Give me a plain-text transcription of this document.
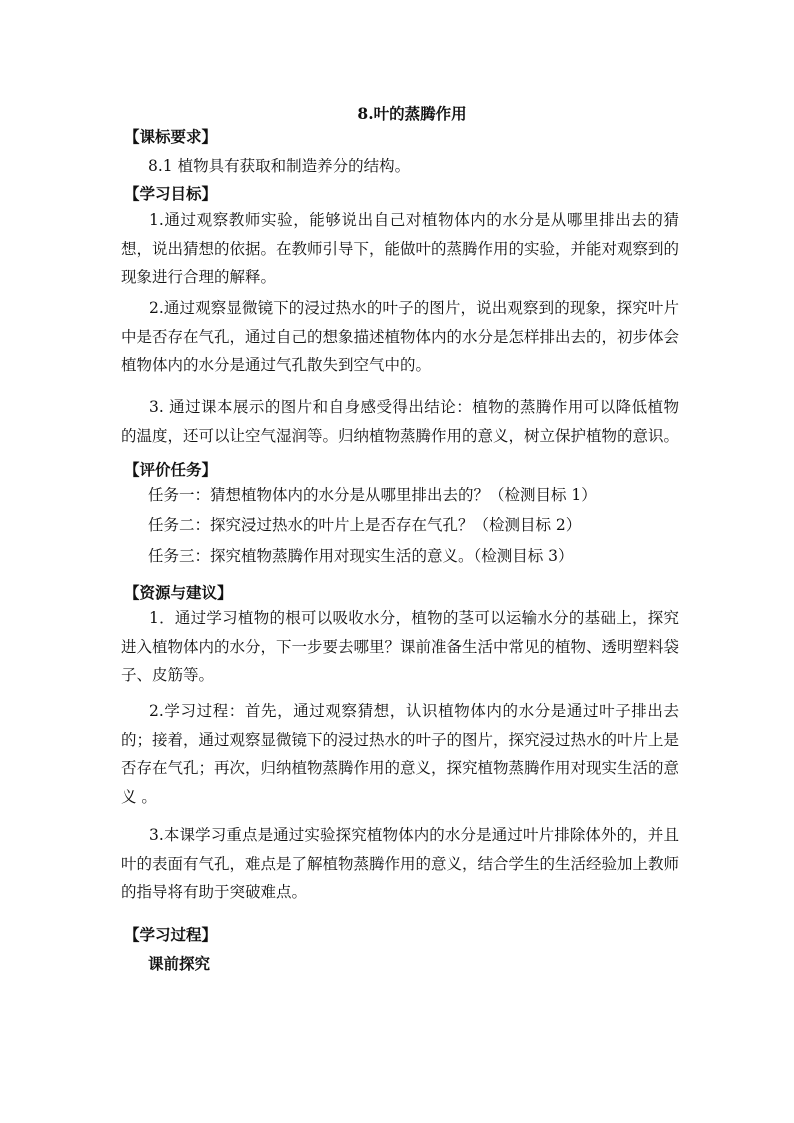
8.叶的蒸腾作用
【课标要求】
8.1 植物具有获取和制造养分的结构。
【学习目标】
1.通过观察教师实验，能够说出自己对植物体内的水分是从哪里排出去的猜想，说出猜想的依据。在教师引导下，能做叶的蒸腾作用的实验，并能对观察到的现象进行合理的解释。
2.通过观察显微镜下的浸过热水的叶子的图片，说出观察到的现象，探究叶片中是否存在气孔，通过自己的想象描述植物体内的水分是怎样排出去的，初步体会植物体内的水分是通过气孔散失到空气中的。
3. 通过课本展示的图片和自身感受得出结论：植物的蒸腾作用可以降低植物的温度，还可以让空气湿润等。归纳植物蒸腾作用的意义，树立保护植物的意识。
【评价任务】
任务一：猜想植物体内的水分是从哪里排出去的？（检测目标 1）
任务二：探究浸过热水的叶片上是否存在气孔？（检测目标 2）
任务三：探究植物蒸腾作用对现实生活的意义。（检测目标 3）
【资源与建议】
1．通过学习植物的根可以吸收水分，植物的茎可以运输水分的基础上，探究进入植物体内的水分，下一步要去哪里？课前准备生活中常见的植物、透明塑料袋子、皮筋等。
2.学习过程：首先，通过观察猜想，认识植物体内的水分是通过叶子排出去的；接着，通过观察显微镜下的浸过热水的叶子的图片，探究浸过热水的叶片上是否存在气孔；再次，归纳植物蒸腾作用的意义，探究植物蒸腾作用对现实生活的意义 。
3.本课学习重点是通过实验探究植物体内的水分是通过叶片排除体外的，并且叶的表面有气孔，难点是了解植物蒸腾作用的意义，结合学生的生活经验加上教师的指导将有助于突破难点。
【学习过程】
课前探究
